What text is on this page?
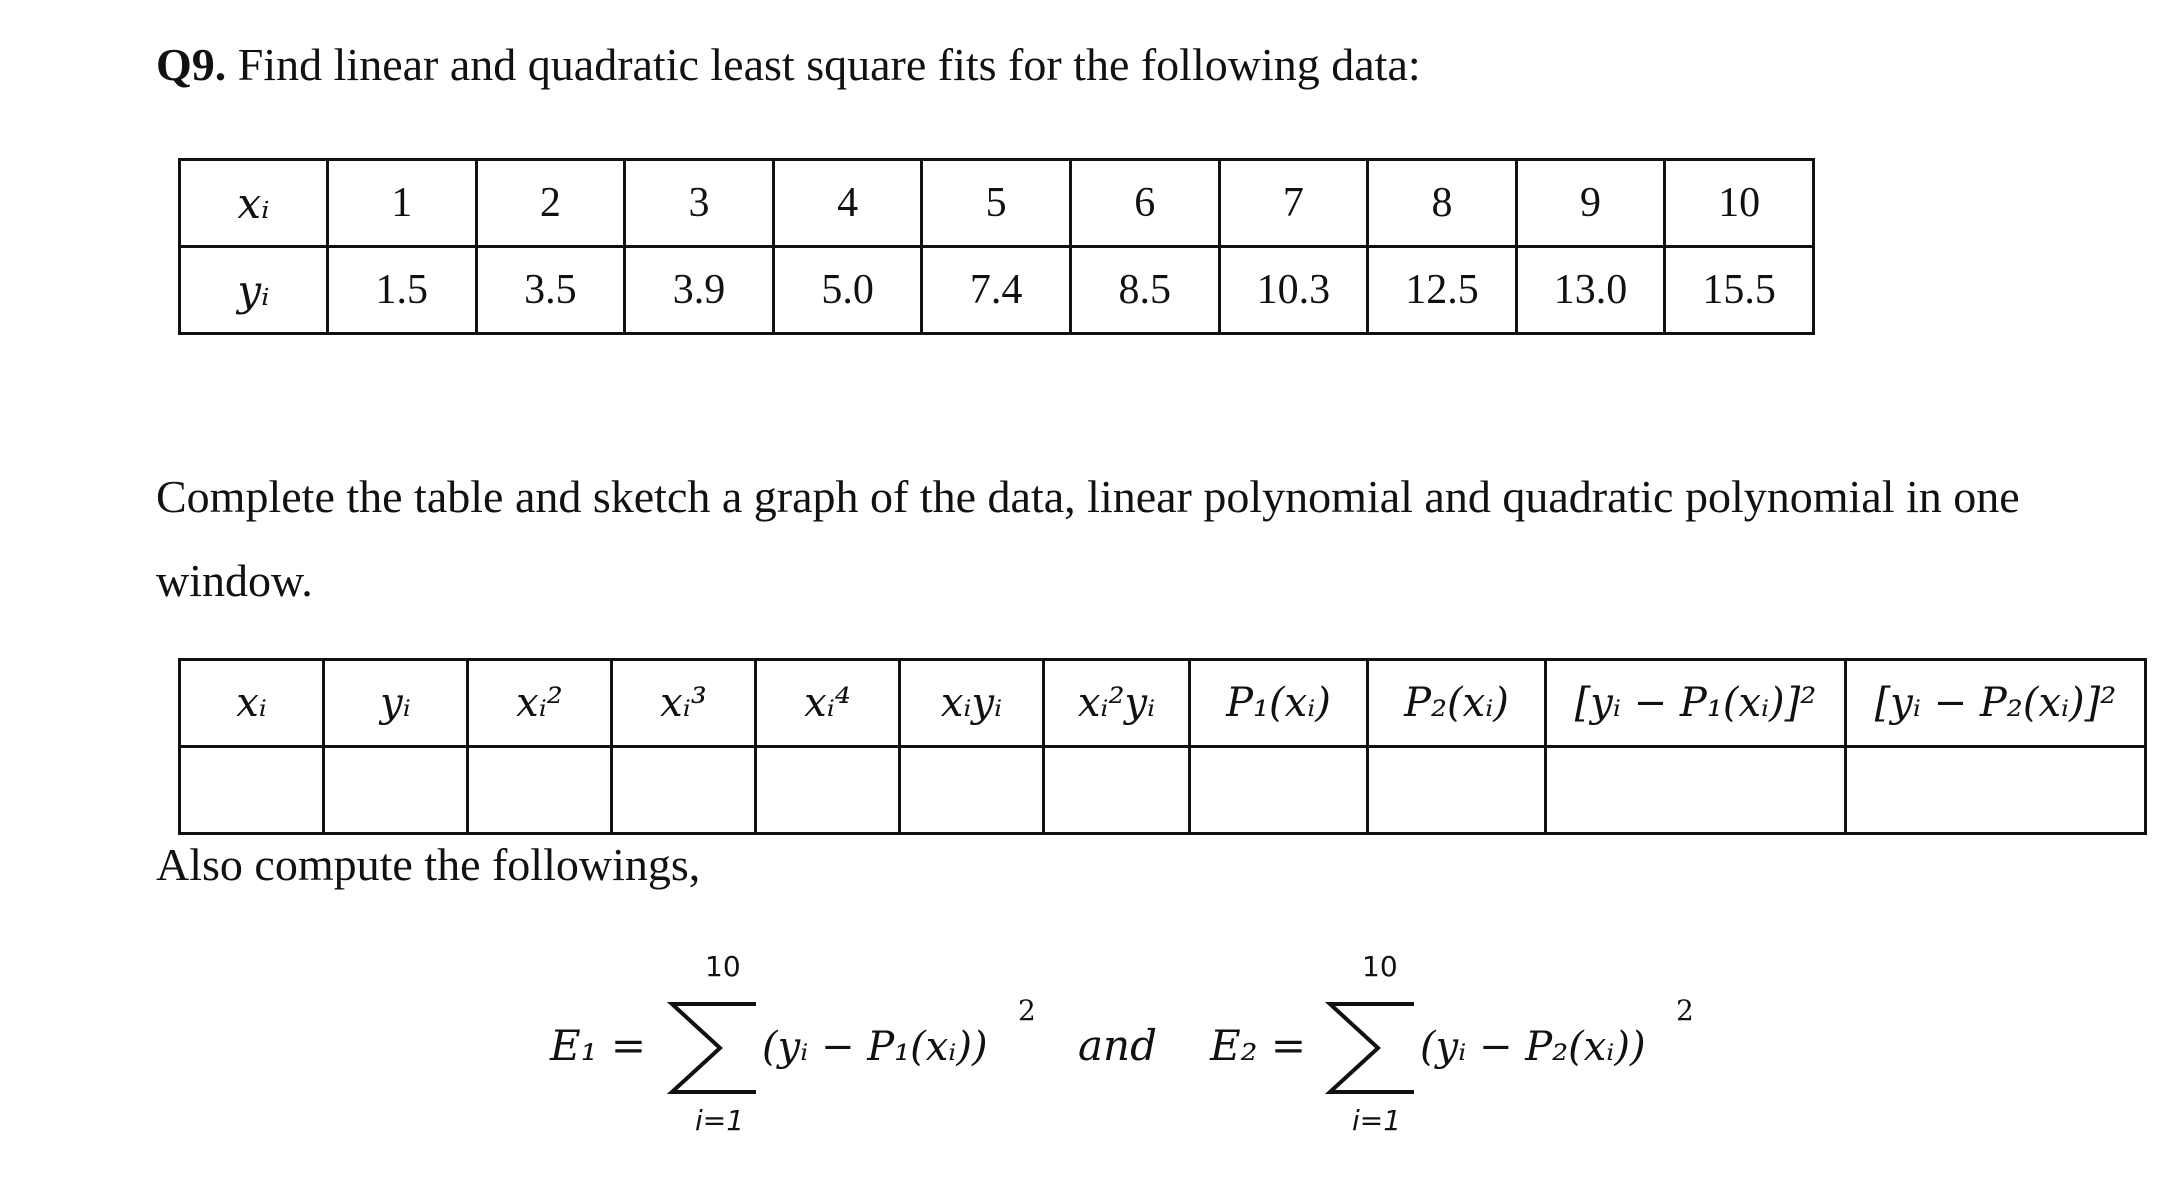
Q9. Find linear and quadratic least square fits for the following data:
xᵢ	1	2	3	4	5	6	7	8	9	10
yᵢ	1.5	3.5	3.9	5.0	7.4	8.5	10.3	12.5	13.0	15.5
Complete the table and sketch a graph of the data, linear polynomial and quadratic polynomial in one window.
xᵢ	yᵢ	xᵢ²	xᵢ³	xᵢ⁴	xᵢyᵢ	xᵢ²yᵢ	P₁(xᵢ)	P₂(xᵢ)	[yᵢ − P₁(xᵢ)]²	[yᵢ − P₂(xᵢ)]²

Also compute the followings,
E₁ =
10
i=1
(yᵢ − P₁(xᵢ))
2
and E₂ =
10
i=1
(yᵢ − P₂(xᵢ))
2
